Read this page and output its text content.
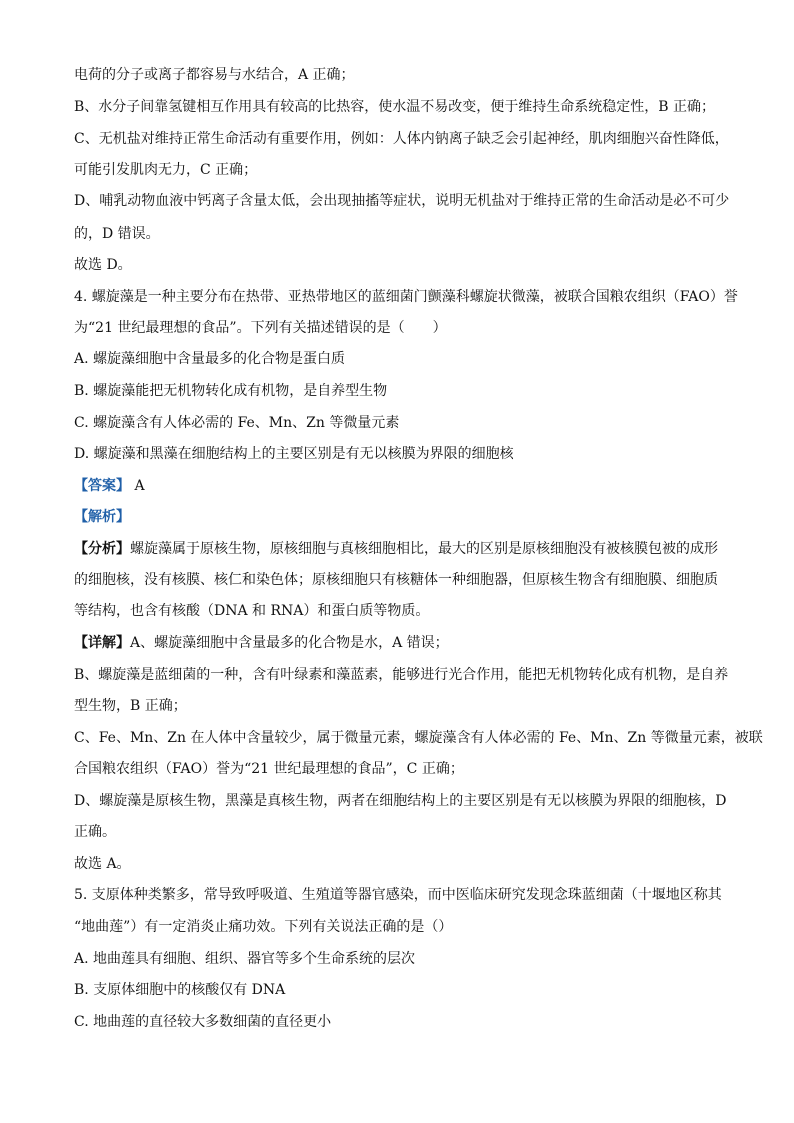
电荷的分子或离子都容易与水结合，A 正确；
B、水分子间靠氢键相互作用具有较高的比热容，使水温不易改变，便于维持生命系统稳定性，B 正确；
C、无机盐对维持正常生命活动有重要作用，例如：人体内钠离子缺乏会引起神经，肌肉细胞兴奋性降低，
可能引发肌肉无力，C 正确；
D、哺乳动物血液中钙离子含量太低，会出现抽搐等症状，说明无机盐对于维持正常的生命活动是必不可少
的，D 错误。
故选 D。
4. 螺旋藻是一种主要分布在热带、亚热带地区的蓝细菌门颤藻科螺旋状微藻，被联合国粮农组织（FAO）誉
为“21 世纪最理想的食品”。下列有关描述错误的是（　　）
A. 螺旋藻细胞中含量最多的化合物是蛋白质
B. 螺旋藻能把无机物转化成有机物，是自养型生物
C. 螺旋藻含有人体必需的 Fe、Mn、Zn 等微量元素
D. 螺旋藻和黑藻在细胞结构上的主要区别是有无以核膜为界限的细胞核
【答案】 A
【解析】
【分析】螺旋藻属于原核生物，原核细胞与真核细胞相比，最大的区别是原核细胞没有被核膜包被的成形
的细胞核，没有核膜、核仁和染色体；原核细胞只有核糖体一种细胞器，但原核生物含有细胞膜、细胞质
等结构，也含有核酸（DNA 和 RNA）和蛋白质等物质。
【详解】A、螺旋藻细胞中含量最多的化合物是水，A 错误；
B、螺旋藻是蓝细菌的一种，含有叶绿素和藻蓝素，能够进行光合作用，能把无机物转化成有机物，是自养
型生物，B 正确；
C、Fe、Mn、Zn 在人体中含量较少，属于微量元素，螺旋藻含有人体必需的 Fe、Mn、Zn 等微量元素，被联
合国粮农组织（FAO）誉为“21 世纪最理想的食品”，C 正确；
D、螺旋藻是原核生物，黑藻是真核生物，两者在细胞结构上的主要区别是有无以核膜为界限的细胞核，D
正确。
故选 A。
5. 支原体种类繁多，常导致呼吸道、生殖道等器官感染，而中医临床研究发现念珠蓝细菌（十堰地区称其
“地曲莲”）有一定消炎止痛功效。下列有关说法正确的是（）
A. 地曲莲具有细胞、组织、器官等多个生命系统的层次
B. 支原体细胞中的核酸仅有 DNA
C. 地曲莲的直径较大多数细菌的直径更小
